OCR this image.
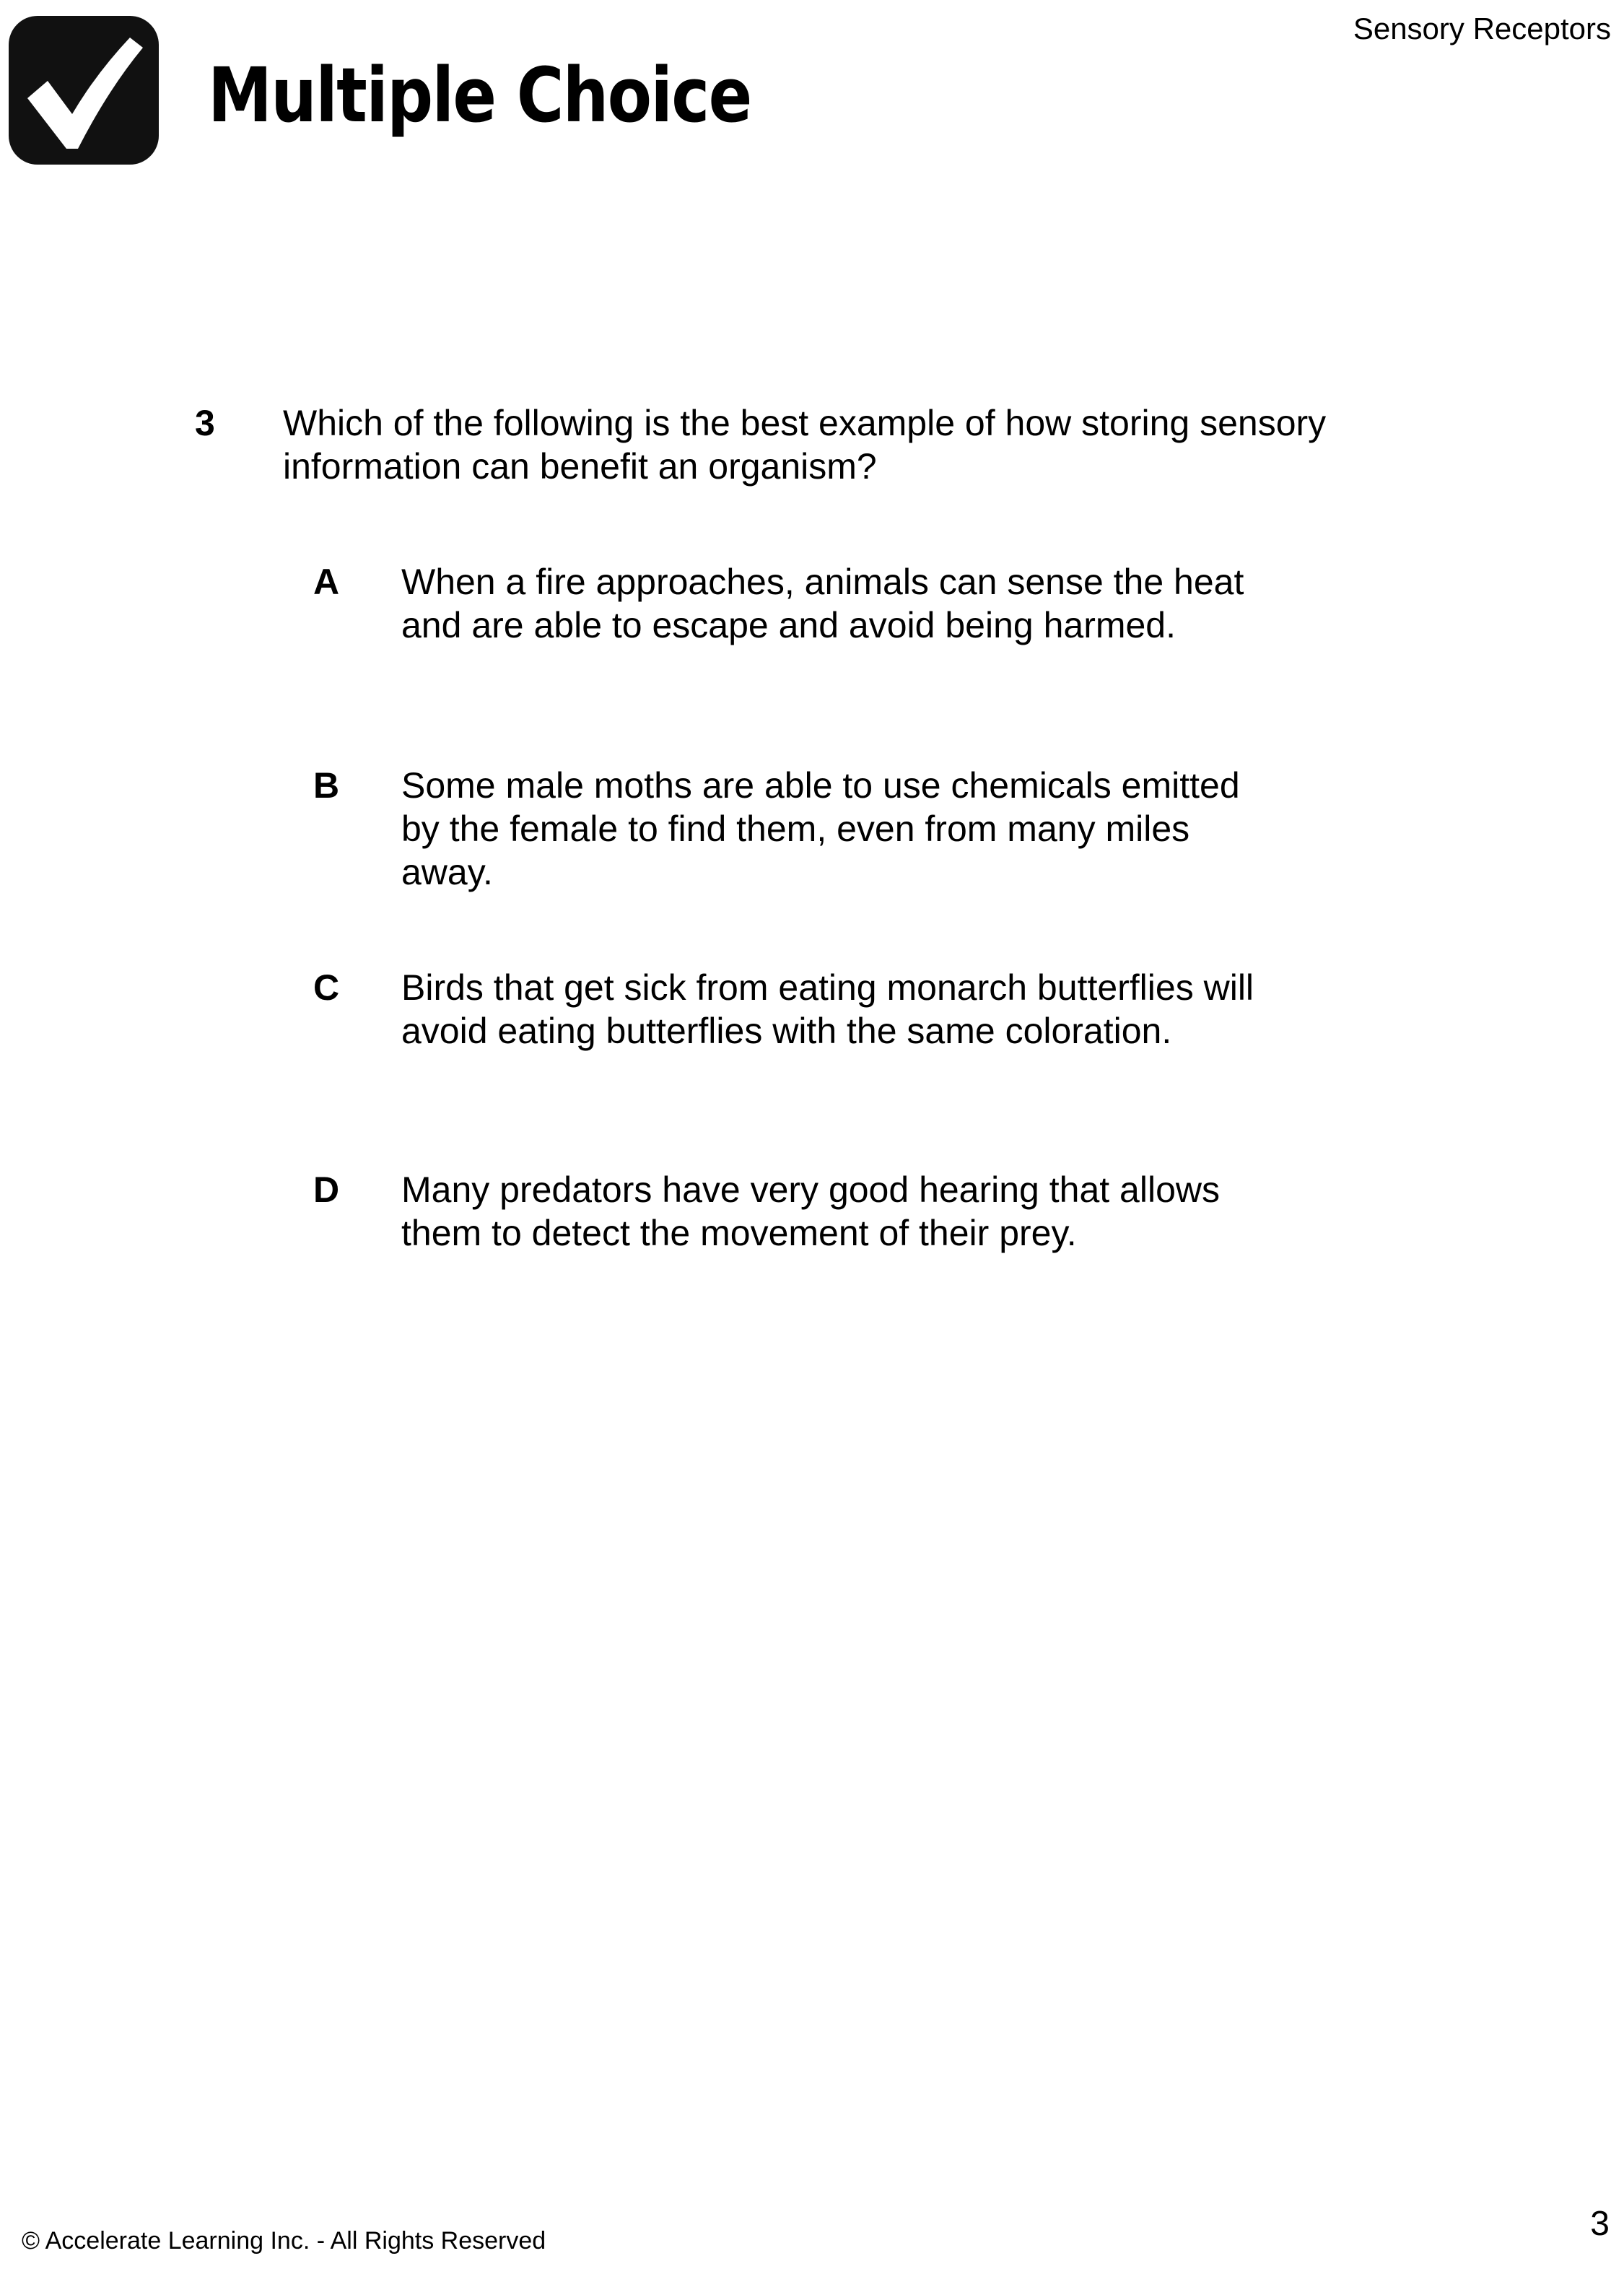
Sensory Receptors
Multiple Choice
3 Which of the following is the best example of how storing sensory information can benefit an organism?
A When a fire approaches, animals can sense the heat and are able to escape and avoid being harmed.
B Some male moths are able to use chemicals emitted by the female to find them, even from many miles away.
C Birds that get sick from eating monarch butterflies will avoid eating butterflies with the same coloration.
D Many predators have very good hearing that allows them to detect the movement of their prey.
© Accelerate Learning Inc. - All Rights Reserved	3
